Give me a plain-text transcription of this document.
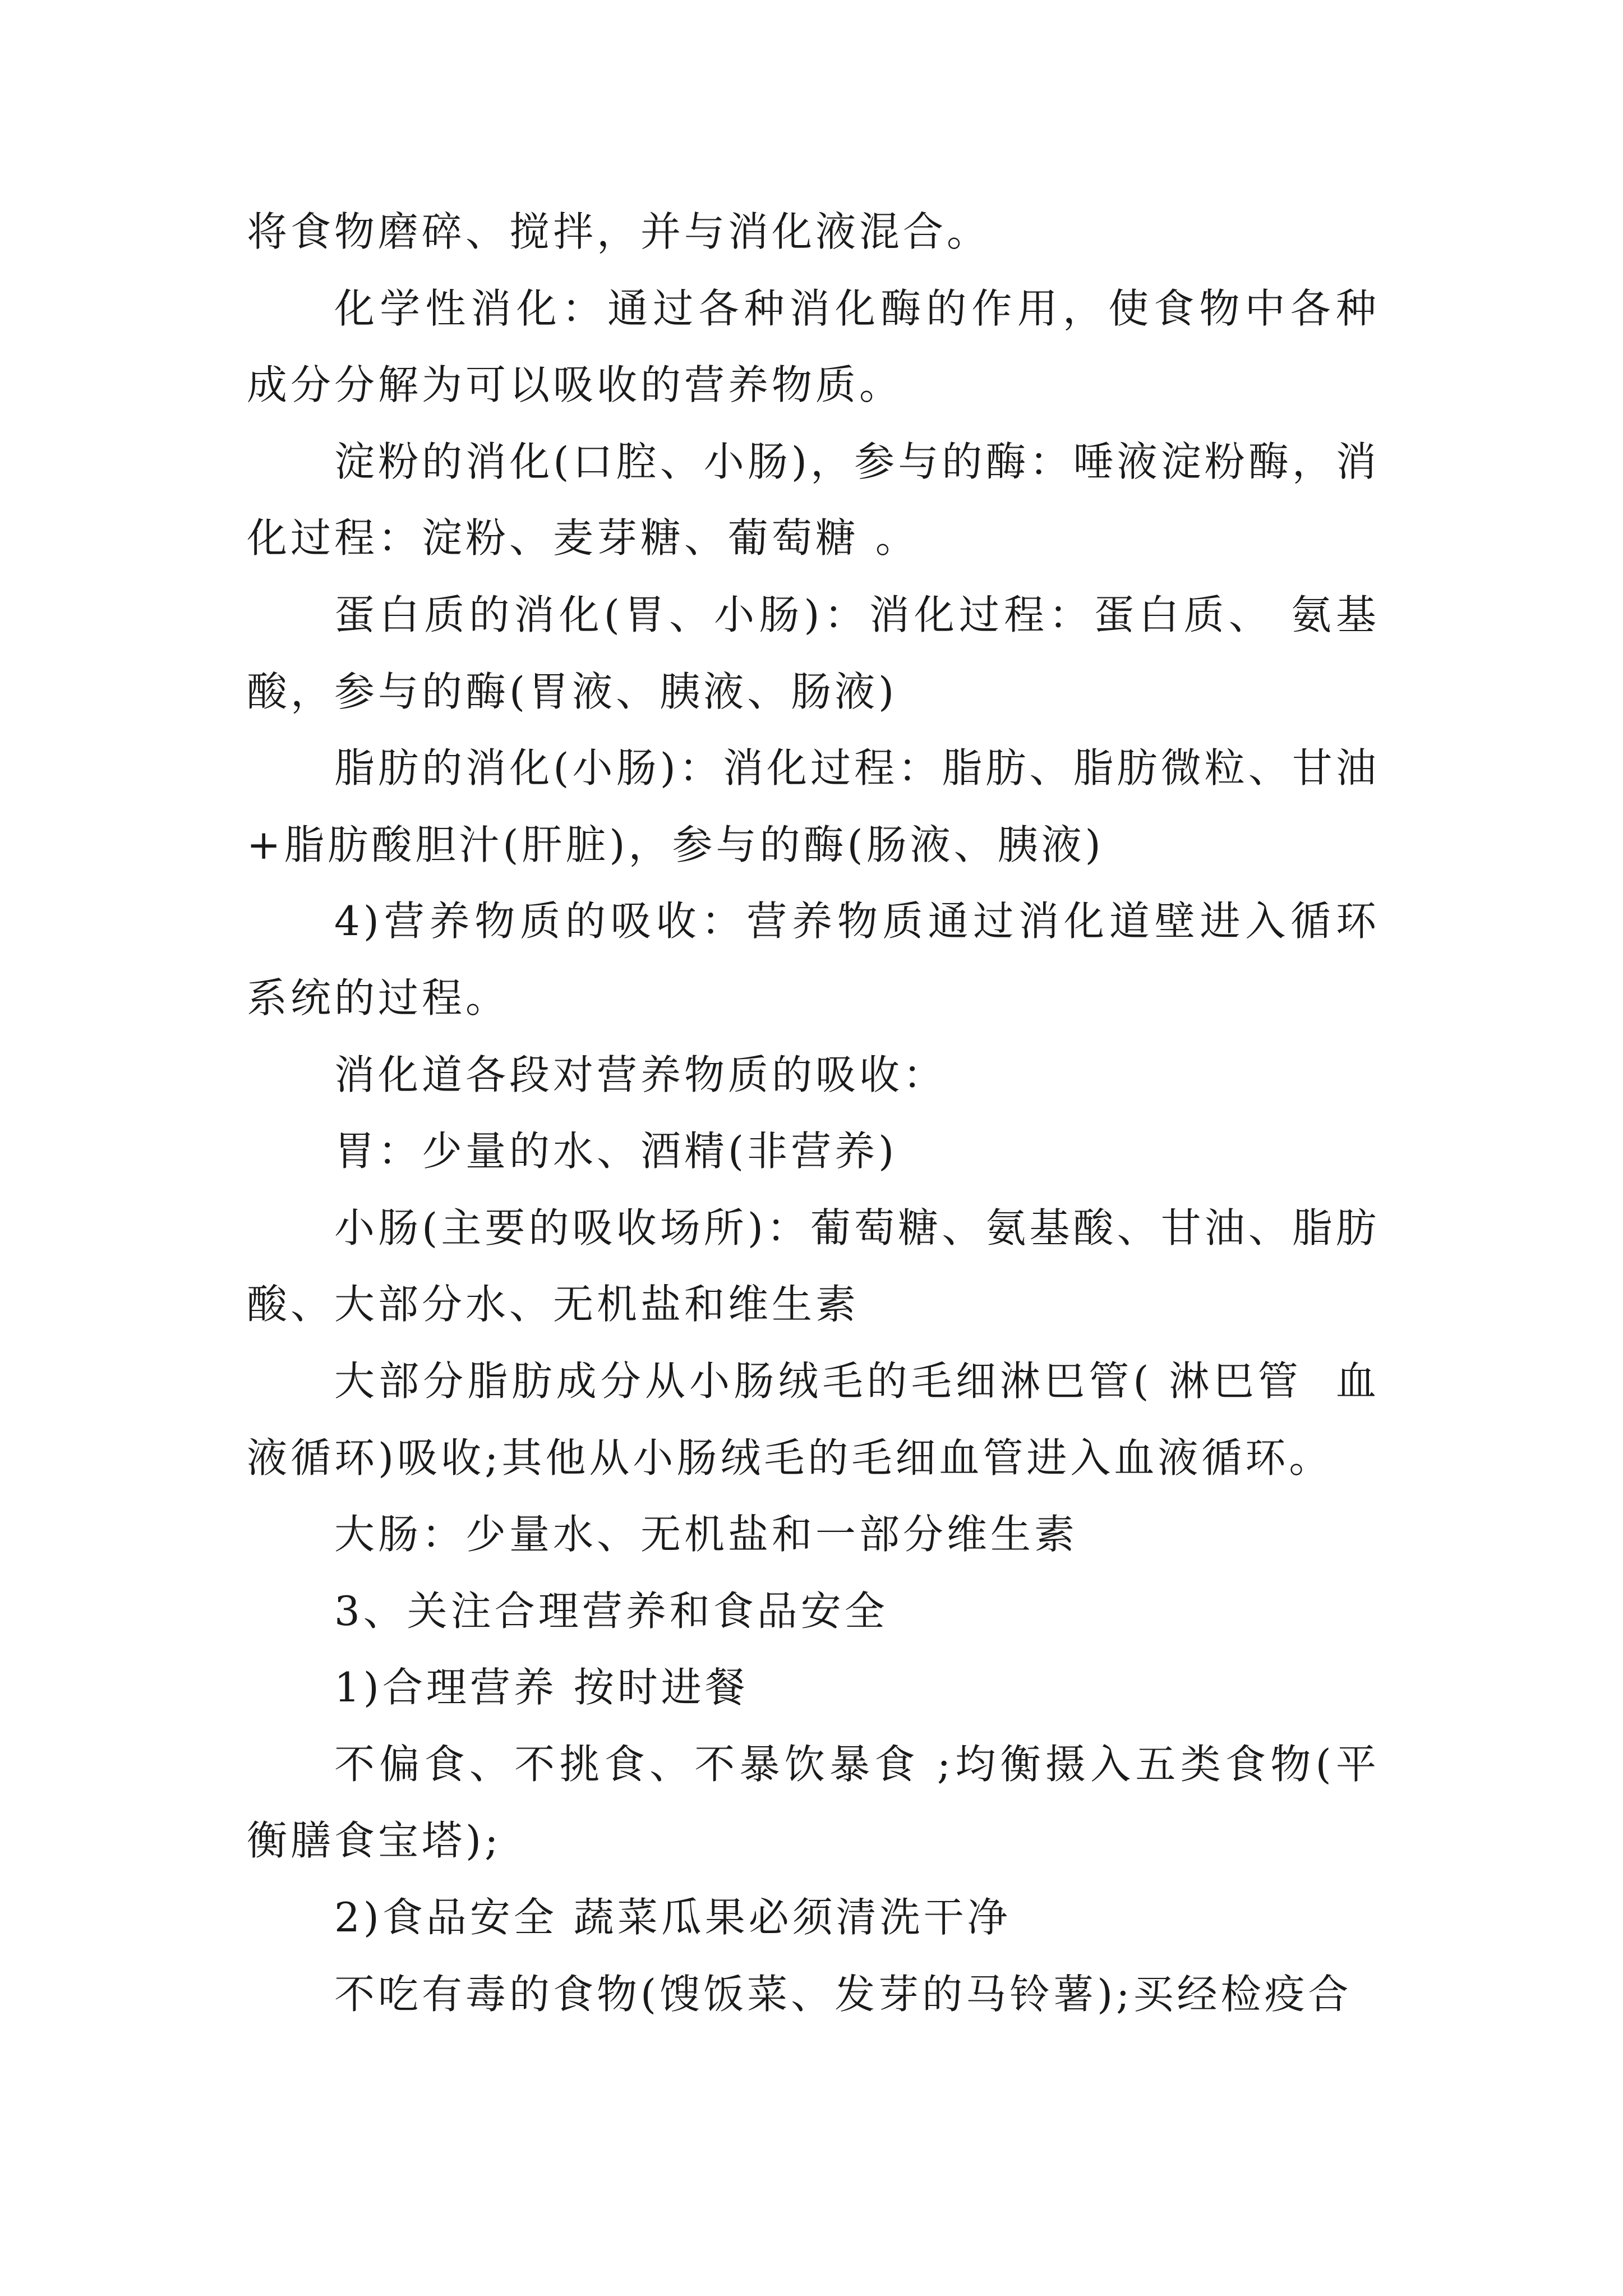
将食物磨碎、搅拌，并与消化液混合。

化学性消化：通过各种消化酶的作用，使食物中各种成分分解为可以吸收的营养物质。

淀粉的消化(口腔、小肠)，参与的酶：唾液淀粉酶，消化过程：淀粉、麦芽糖、葡萄糖 。

蛋白质的消化(胃、小肠)：消化过程：蛋白质、 氨基酸，参与的酶(胃液、胰液、肠液)

脂肪的消化(小肠)：消化过程：脂肪、脂肪微粒、甘油+脂肪酸胆汁(肝脏)，参与的酶(肠液、胰液)

4)营养物质的吸收：营养物质通过消化道壁进入循环系统的过程。

消化道各段对营养物质的吸收：

胃：少量的水、酒精(非营养)

小肠(主要的吸收场所)：葡萄糖、氨基酸、甘油、脂肪酸、大部分水、无机盐和维生素

大部分脂肪成分从小肠绒毛的毛细淋巴管( 淋巴管  血液循环)吸收;其他从小肠绒毛的毛细血管进入血液循环。

大肠：少量水、无机盐和一部分维生素

3、关注合理营养和食品安全

1)合理营养 按时进餐

不偏食、不挑食、不暴饮暴食 ;均衡摄入五类食物(平衡膳食宝塔);

2)食品安全 蔬菜瓜果必须清洗干净

不吃有毒的食物(馊饭菜、发芽的马铃薯);买经检疫合
